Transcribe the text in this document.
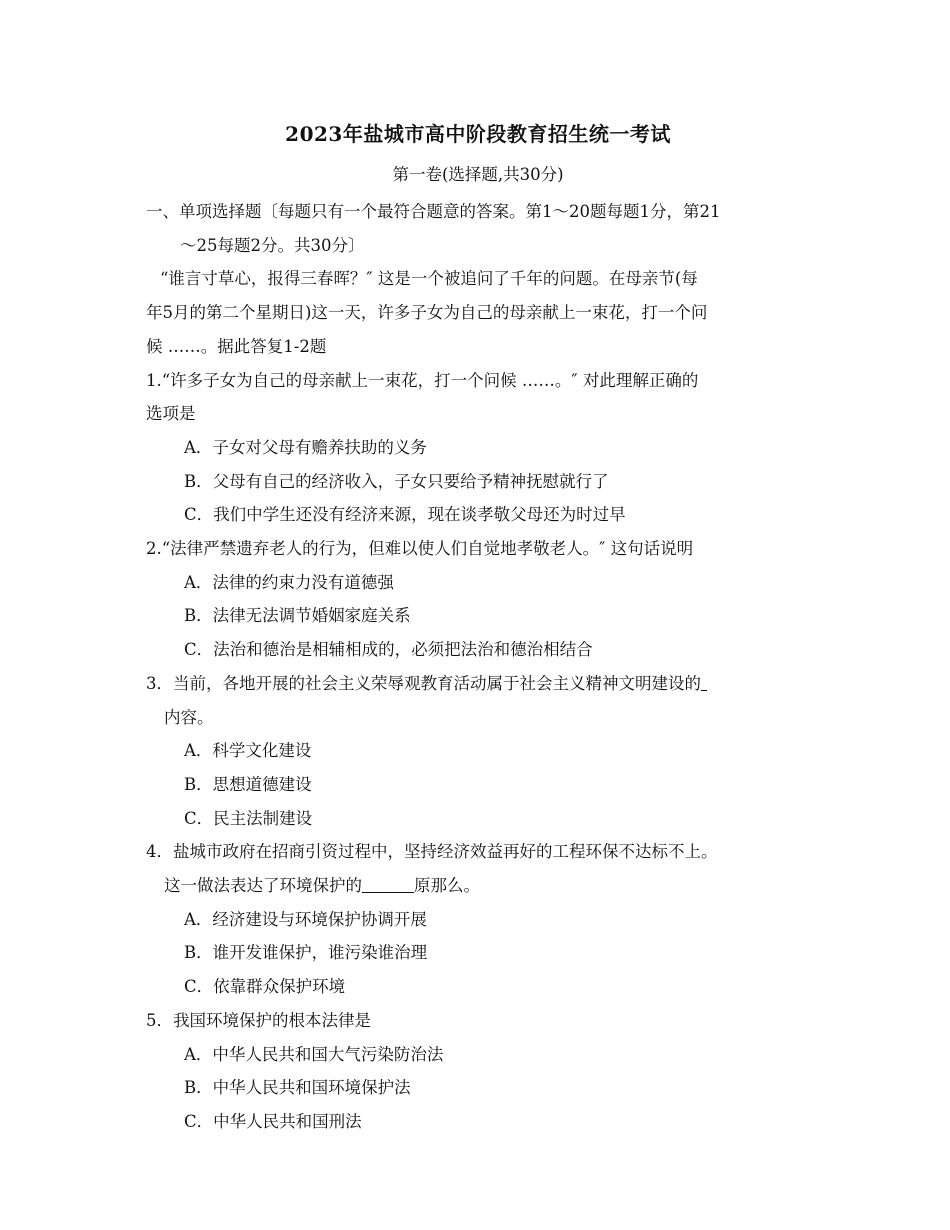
2023年盐城市高中阶段教育招生统一考试
第一卷(选择题,共30分)
一、单项选择题〔每题只有一个最符合题意的答案。第1～20题每题1分，第21
～25每题2分。共30分〕
“谁言寸草心，报得三春晖？″ 这是一个被追问了千年的问题。在母亲节(每
年5月的第二个星期日)这一天，许多子女为自己的母亲献上一束花，打一个问
候 ……。据此答复1-2题
1.“许多子女为自己的母亲献上一束花，打一个问候 ……。″ 对此理解正确的
选项是
A．子女对父母有赡养扶助的义务
B．父母有自己的经济收入，子女只要给予精神抚慰就行了
C．我们中学生还没有经济来源，现在谈孝敬父母还为时过早
2.“法律严禁遗弃老人的行为，但难以使人们自觉地孝敬老人。″ 这句话说明
A．法律的约束力没有道德强
B．法律无法调节婚姻家庭关系
C．法治和德治是相辅相成的，必须把法治和德治相结合
3．当前，各地开展的社会主义荣辱观教育活动属于社会主义精神文明建设的
内容。
A．科学文化建设
B．思想道德建设
C．民主法制建设
4．盐城市政府在招商引资过程中，坚持经济效益再好的工程环保不达标不上。
这一做法表达了环境保护的	原那么。
A．经济建设与环境保护协调开展
B．谁开发谁保护，谁污染谁治理
C．依靠群众保护环境
5．我国环境保护的根本法律是
A．中华人民共和国大气污染防治法
B．中华人民共和国环境保护法
C．中华人民共和国刑法
